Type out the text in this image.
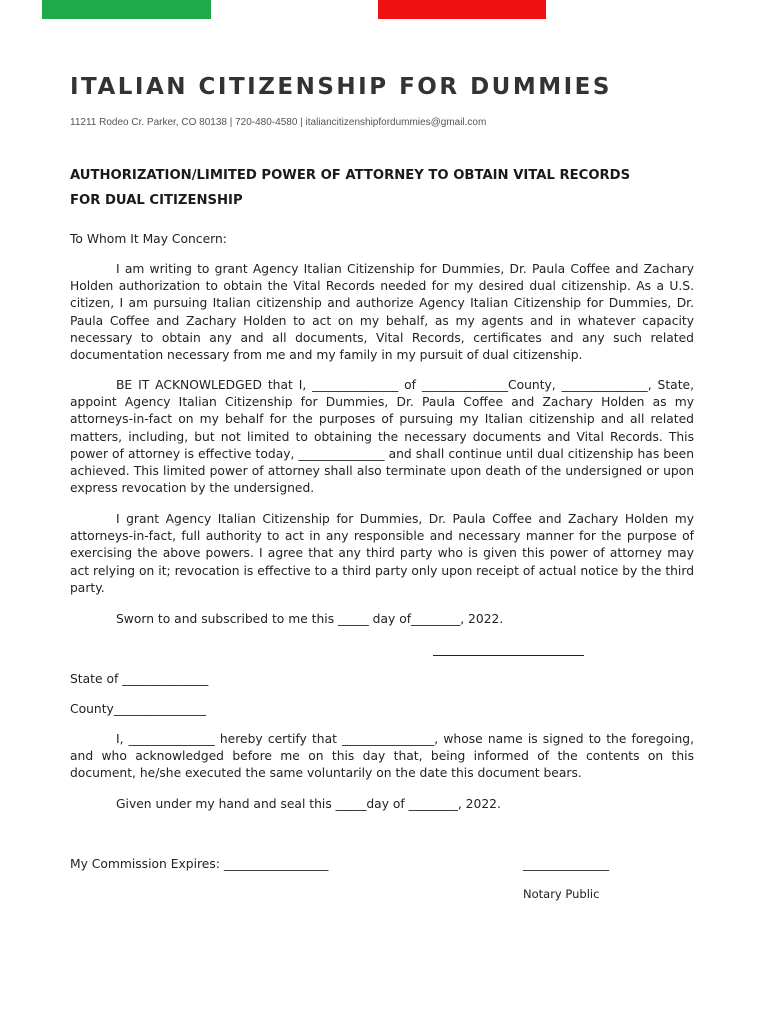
ITALIAN CITIZENSHIP FOR DUMMIES
11211 Rodeo Cr. Parker, CO 80138 | 720-480-4580 | italiancitizenshipfordummies@gmail.com
AUTHORIZATION/LIMITED POWER OF ATTORNEY TO OBTAIN VITAL RECORDS
FOR DUAL CITIZENSHIP
To Whom It May Concern:
I am writing to grant Agency Italian Citizenship for Dummies, Dr. Paula Coffee and Zachary Holden authorization to obtain the Vital Records needed for my desired dual citizenship. As a U.S. citizen, I am pursuing Italian citizenship and authorize Agency Italian Citizenship for Dummies, Dr. Paula Coffee and Zachary Holden to act on my behalf, as my agents and in whatever capacity necessary to obtain any and all documents, Vital Records, certificates and any such related documentation necessary from me and my family in my pursuit of dual citizenship.
BE IT ACKNOWLEDGED that I, ______________ of ______________County, ______________, State, appoint Agency Italian Citizenship for Dummies, Dr. Paula Coffee and Zachary Holden as my attorneys-in-fact on my behalf for the purposes of pursuing my Italian citizenship and all related matters, including, but not limited to obtaining the necessary documents and Vital Records. This power of attorney is effective today, ______________ and shall continue until dual citizenship has been achieved. This limited power of attorney shall also terminate upon death of the undersigned or upon express revocation by the undersigned.
I grant Agency Italian Citizenship for Dummies, Dr. Paula Coffee and Zachary Holden my attorneys-in-fact, full authority to act in any responsible and necessary manner for the purpose of exercising the above powers. I agree that any third party who is given this power of attorney may act relying on it; revocation is effective to a third party only upon receipt of actual notice by the third party.
Sworn to and subscribed to me this _____ day of________, 2022.
State of ______________
County_______________
I, ______________ hereby certify that _______________, whose name is signed to the foregoing, and who acknowledged before me on this day that, being informed of the contents on this document, he/she executed the same voluntarily on the date this document bears.
Given under my hand and seal this _____day of ________, 2022.
My Commission Expires: _________________	______________
Notary Public
